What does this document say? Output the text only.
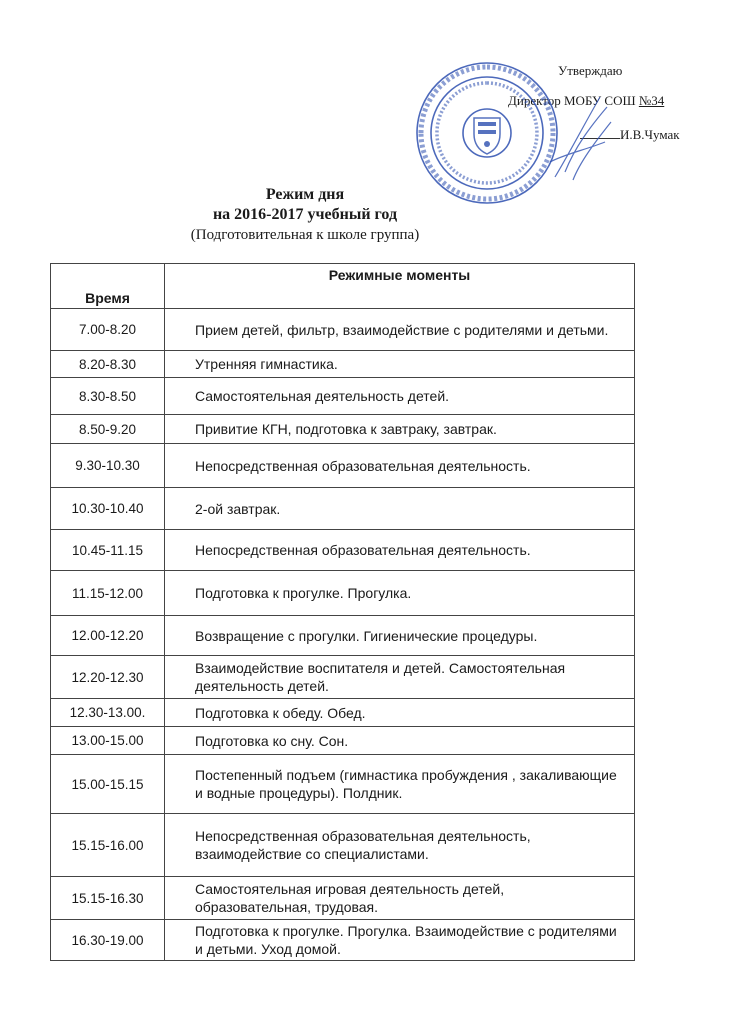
Утверждаю
Директор МОБУ СОШ №34
И.В.Чумак
Режим дня
на 2016-2017 учебный год
(Подготовительная к школе группа)
Время	Режимные моменты
7.00-8.20	Прием детей, фильтр, взаимодействие с родителями и детьми.
8.20-8.30	Утренняя гимнастика.
8.30-8.50	Самостоятельная деятельность детей.
8.50-9.20	Привитие КГН, подготовка к завтраку, завтрак.
9.30-10.30	Непосредственная образовательная деятельность.
10.30-10.40	2-ой завтрак.
10.45-11.15	Непосредственная образовательная деятельность.
11.15-12.00	Подготовка к прогулке. Прогулка.
12.00-12.20	Возвращение с прогулки. Гигиенические процедуры.
12.20-12.30	Взаимодействие воспитателя и детей. Самостоятельная деятельность детей.
12.30-13.00.	Подготовка к обеду. Обед.
13.00-15.00	Подготовка ко сну. Сон.
15.00-15.15	Постепенный подъем (гимнастика пробуждения , закаливающие и водные процедуры). Полдник.
15.15-16.00	Непосредственная образовательная деятельность, взаимодействие со специалистами.
15.15-16.30	Самостоятельная игровая деятельность детей, образовательная, трудовая.
16.30-19.00	Подготовка к прогулке. Прогулка. Взаимодействие с родителями и детьми. Уход домой.
